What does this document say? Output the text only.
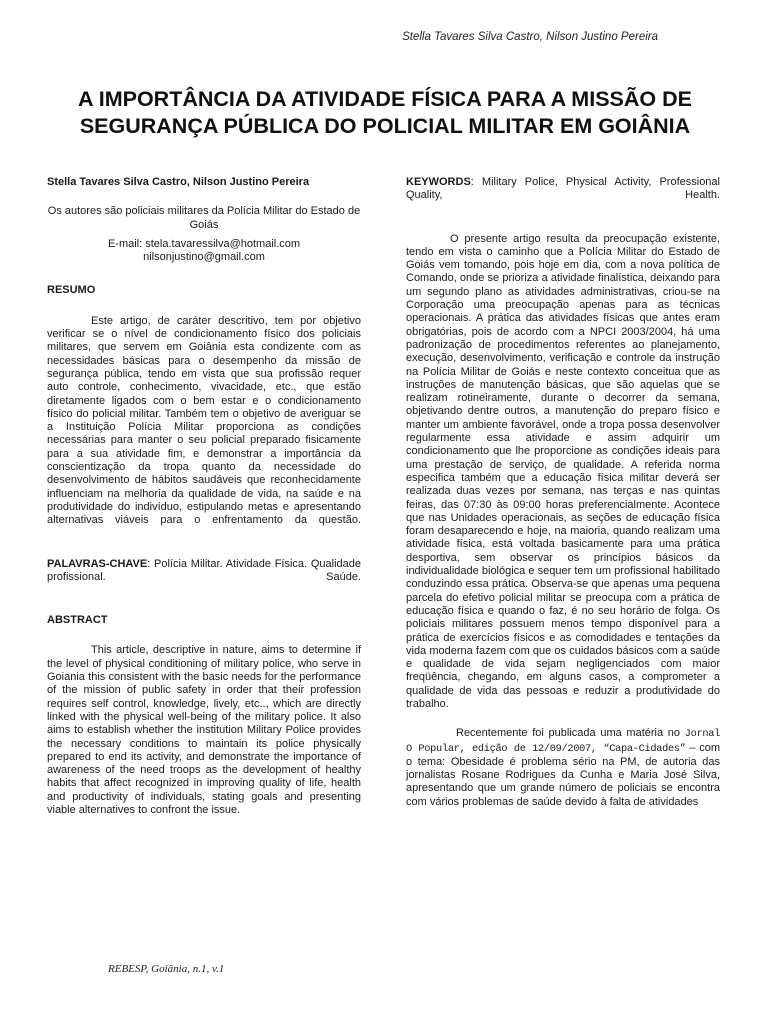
Stella Tavares Silva Castro, Nilson Justino Pereira
A IMPORTÂNCIA DA ATIVIDADE FÍSICA PARA A MISSÃO DE SEGURANÇA PÚBLICA DO POLICIAL MILITAR EM GOIÂNIA

Stella Tavares Silva Castro, Nilson Justino Pereira

Os autores são policiais militares da Polícia Militar do Estado de Goiás

E-mail: stela.tavaressilva@hotmail.com

nilsonjustino@gmail.com

RESUMO

Este artigo, de caráter descritivo, tem por objetivo verificar se o nível de condicionamento físico dos policiais militares, que servem em Goiânia esta condizente com as necessidades básicas para o desempenho da missão de segurança pública, tendo em vista que sua profissão requer auto controle, conhecimento, vivacidade, etc., que estão diretamente ligados com o bem estar e o condicionamento físico do policial militar. Também tem o objetivo de averiguar se a Instituição Polícia Militar proporciona as condições necessárias para manter o seu policial preparado fisicamente para a sua atividade fim, e demonstrar a importância da conscientização da tropa quanto da necessidade do desenvolvimento de hábitos saudáveis que reconhecidamente influenciam na melhoria da qualidade de vida, na saúde e na produtividade do indivíduo, estipulando metas e apresentando alternativas viáveis para o enfrentamento da questão.

PALAVRAS-CHAVE: Polícia Militar. Atividade Física. Qualidade profissional. Saúde.

ABSTRACT

This article, descriptive in nature, aims to determine if the level of physical conditioning of military police, who serve in Goiania this consistent with the basic needs for the performance of the mission of public safety in order that their profession requires self control, knowledge, lively, etc.., which are directly linked with the physical well-being of the military police. It also aims to establish whether the institution Military Police provides the necessary conditions to maintain its police physically prepared to end its activity, and demonstrate the importance of awareness of the need troops as the development of healthy habits that affect recognized in improving quality of life, health and productivity of individuals, stating goals and presenting viable alternatives to confront the issue.

KEYWORDS: Military Police, Physical Activity, Professional Quality, Health.

O presente artigo resulta da preocupação existente, tendo em vista o caminho que a Polícia Militar do Estado de Goiás vem tomando, pois hoje em dia, com a nova política de Comando, onde se prioriza a atividade finalística, deixando para um segundo plano as atividades administrativas, criou-se na Corporação uma preocupação apenas para as técnicas operacionais. A prática das atividades físicas que antes eram obrigatórias, pois de acordo com a NPCI 2003/2004, há uma padronização de procedimentos referentes ao planejamento, execução, desenvolvimento, verificação e controle da instrução na Polícia Militar de Goiás e neste contexto conceitua que as instruções de manutenção básicas, que são aquelas que se realizam rotineiramente, durante o decorrer da semana, objetivando dentre outros, a manutenção do preparo físico e manter um ambiente favorável, onde a tropa possa desenvolver regularmente essa atividade e assim adquirir um condicionamento que lhe proporcione as condições ideais para uma prestação de serviço, de qualidade. A referida norma especifica também que a educação física militar deverá ser realizada duas vezes por semana, nas terças e nas quintas feiras, das 07:30 às 09:00 horas preferencialmente. Acontece que nas Unidades operacionais, as seções de educação física foram desaparecendo e hoje, na maioria, quando realizam uma atividade física, está voltada basicamente para uma prática desportiva, sem observar os princípios básicos da individualidade biológica e sequer tem um profissional habilitado conduzindo essa prática. Observa-se que apenas uma pequena parcela do efetivo policial militar se preocupa com a prática de educação física e quando o faz, é no seu horário de folga. Os policiais militares possuem menos tempo disponível para a prática de exercícios físicos e as comodidades e tentações da vida moderna fazem com que os cuidados básicos com a saúde e qualidade de vida sejam negligenciados com maior freqüência, chegando, em alguns casos, a comprometer a qualidade de vida das pessoas e reduzir a produtividade do trabalho.

Recentemente foi publicada uma matéria no Jornal O Popular, edição de 12/09/2007, “Capa-Cidades” – com o tema: Obesidade é problema sério na PM, de autoria das jornalistas Rosane Rodrigues da Cunha e Maria José Silva, apresentando que um grande número de policiais se encontra com vários problemas de saúde devido à falta de atividades

REBESP, Goiânia, n.1, v.1
